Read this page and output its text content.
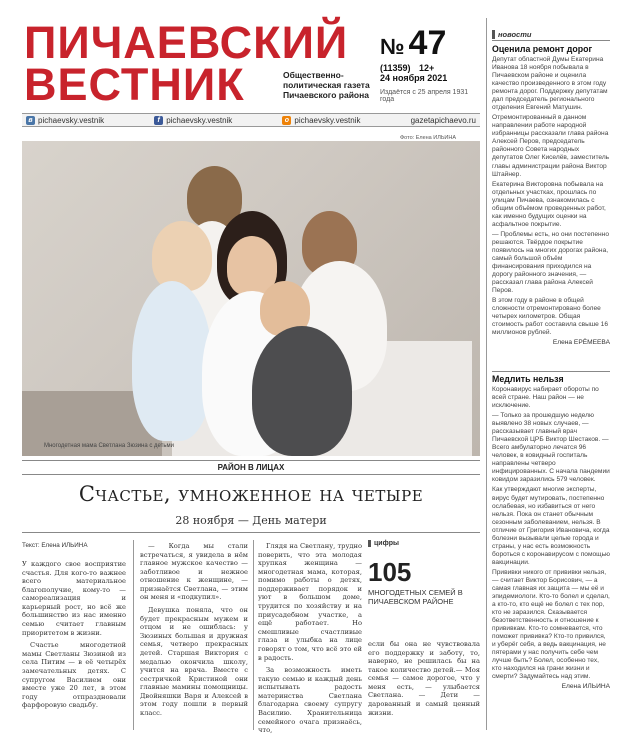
ПИЧАЕВСКИЙ
ВЕСТНИК	Общественно-политическая газета Пичаевского района
№ 47
(11359) 12+
24 ноября 2021
Издаётся с 25 апреля 1931 года
в pichaevsky.vestnik	f pichaevsky.vestnik	о pichaevsky.vestnik	gazetapichaevo.ru
Фото: Елена ИЛЬИНА
Многодетная мама Светлана Зюзина с детьми
РАЙОН В ЛИЦАХ
Счастье, умноженное на четыре
28 ноября — День матери
Текст: Елена ИЛЬИНА

У каждого свое восприятие счастья. Для кого-то важнее всего материальное благополучие, кому-то — самореализация и карьерный рост, но всё же большинство из нас именно семью считает главным приоритетом в жизни.

Счастье многодетной мамы Светланы Зюзиной из села Питим — в её четырёх замечательных детях. С супругом Василием они вместе уже 20 лет, в этом году отпраздновали фарфоровую свадьбу.

— Когда мы стали встречаться, я увидела в нём главное мужское качество — заботливое и нежное отношение к женщине, — признаётся Светлана, — этим он меня и «подкупил».

Девушка поняла, что он будет прекрасным мужем и отцом и не ошиблась: у Зюзиных большая и дружная семья, четверо прекрасных детей. Старшая Виктория с медалью окончила школу, учится на врача. Вместе с сестричкой Кристиной они главные мамины помощницы. Двойняшки Варя и Алексей в этом году пошли в первый класс.

Глядя на Светлану, трудно поверить, что эта молодая хрупкая женщина — многодетная мама, которая, помимо работы о детях, поддерживает порядок и уют в большом доме, трудится по хозяйству и на приусадебном участке, а ещё работает. Но смешливые счастливые глаза и улыбка на лице говорят о том, что всё это ей в радость.

За возможность иметь такую семью и каждый день испытывать радость материнства Светлана благодарна своему супругу Василию. Хранительница семейного очага признаёсь, что,

цифры
105
МНОГОДЕТНЫХ СЕМЕЙ В ПИЧАЕВСКОМ РАЙОНЕ
если бы она не чувствовала его поддержку и заботу, то, наверно, не решилась бы на такое количество детей.— Моя семья — самое дорогое, что у меня есть, — улыбается Светлана. — Дети — дарованный и самый ценный жизни.
новости
Оценила ремонт дорог

Депутат областной Думы Екатерина Иванова 18 ноября побывала в Пичаевском районе и оценила качество произведенного в этом году ремонта дорог. Поддержку депутатам дал председатель регионального отделения Евгений Матушин.

Отремонтированный в данном направлении работе народной избранницы рассказали глава района Алексей Перов, председатель районного Совета народных депутатов Олег Киселёв, заместитель главы администрации района Виктор Штайнер.

Екатерина Викторовна побывала на отдельных участках, прошлась по улицам Пичаева, ознакомилась с общим объёмом проведенных работ, как именно будущих оценки на асфальтное покрытие.

— Проблемы есть, но они постепенно решаются. Твёрдое покрытие появилось на многих дорогах района, самый большой объём финансирования приходился на дорогу районного значения, — рассказал глава района Алексей Перов.

В этом году в районе в общей сложности отремонтировано более четырех километров. Общая стоимость работ составила свыше 16 миллионов рублей.

Елена ЕРЁМЕЕВА
Медлить нельзя

Коронавирус набирает обороты по всей стране. Наш район — не исключение.

— Только за прошедшую неделю выявлено 38 новых случаев, — рассказывает главный врач Пичаевской ЦРБ Виктор Шестаков. — Всего амбулаторно лечатся 96 человек, в ковидный госпиталь направлены четверо инфицированных. С начала пандемии ковидом заразились 579 человек.

Как утверждают многие эксперты, вирус будет мутировать, постепенно ослабевая, но избавиться от него нельзя. Пока он станет обычным сезонным заболеванием, нельзя. В отличие от Григория Ивановича, когда болезни вызывали целые города и страны, у нас есть возможность бороться с коронавирусом с помощью вакцинации.

Прививки никого от прививки нельзя, — считает Виктор Борисович, — а самая главная их защита — мы её и эпидемиологи. Кто-то болел и сделал, а кто-то, кто ещё не болел с тех пор, кто не заразился. Сказывается безответственность и отношение к прививкам. Кто-то сомневается, что поможет прививка? Кто-то привился, и уберёг себя, а ведь вакцинация, не пятерами у нас получить себе чем лучше быть? Болел, особенно тех, кто находился на грани жизни и смерти? Задумайтесь над этим.

Елена ИЛЬИНА
